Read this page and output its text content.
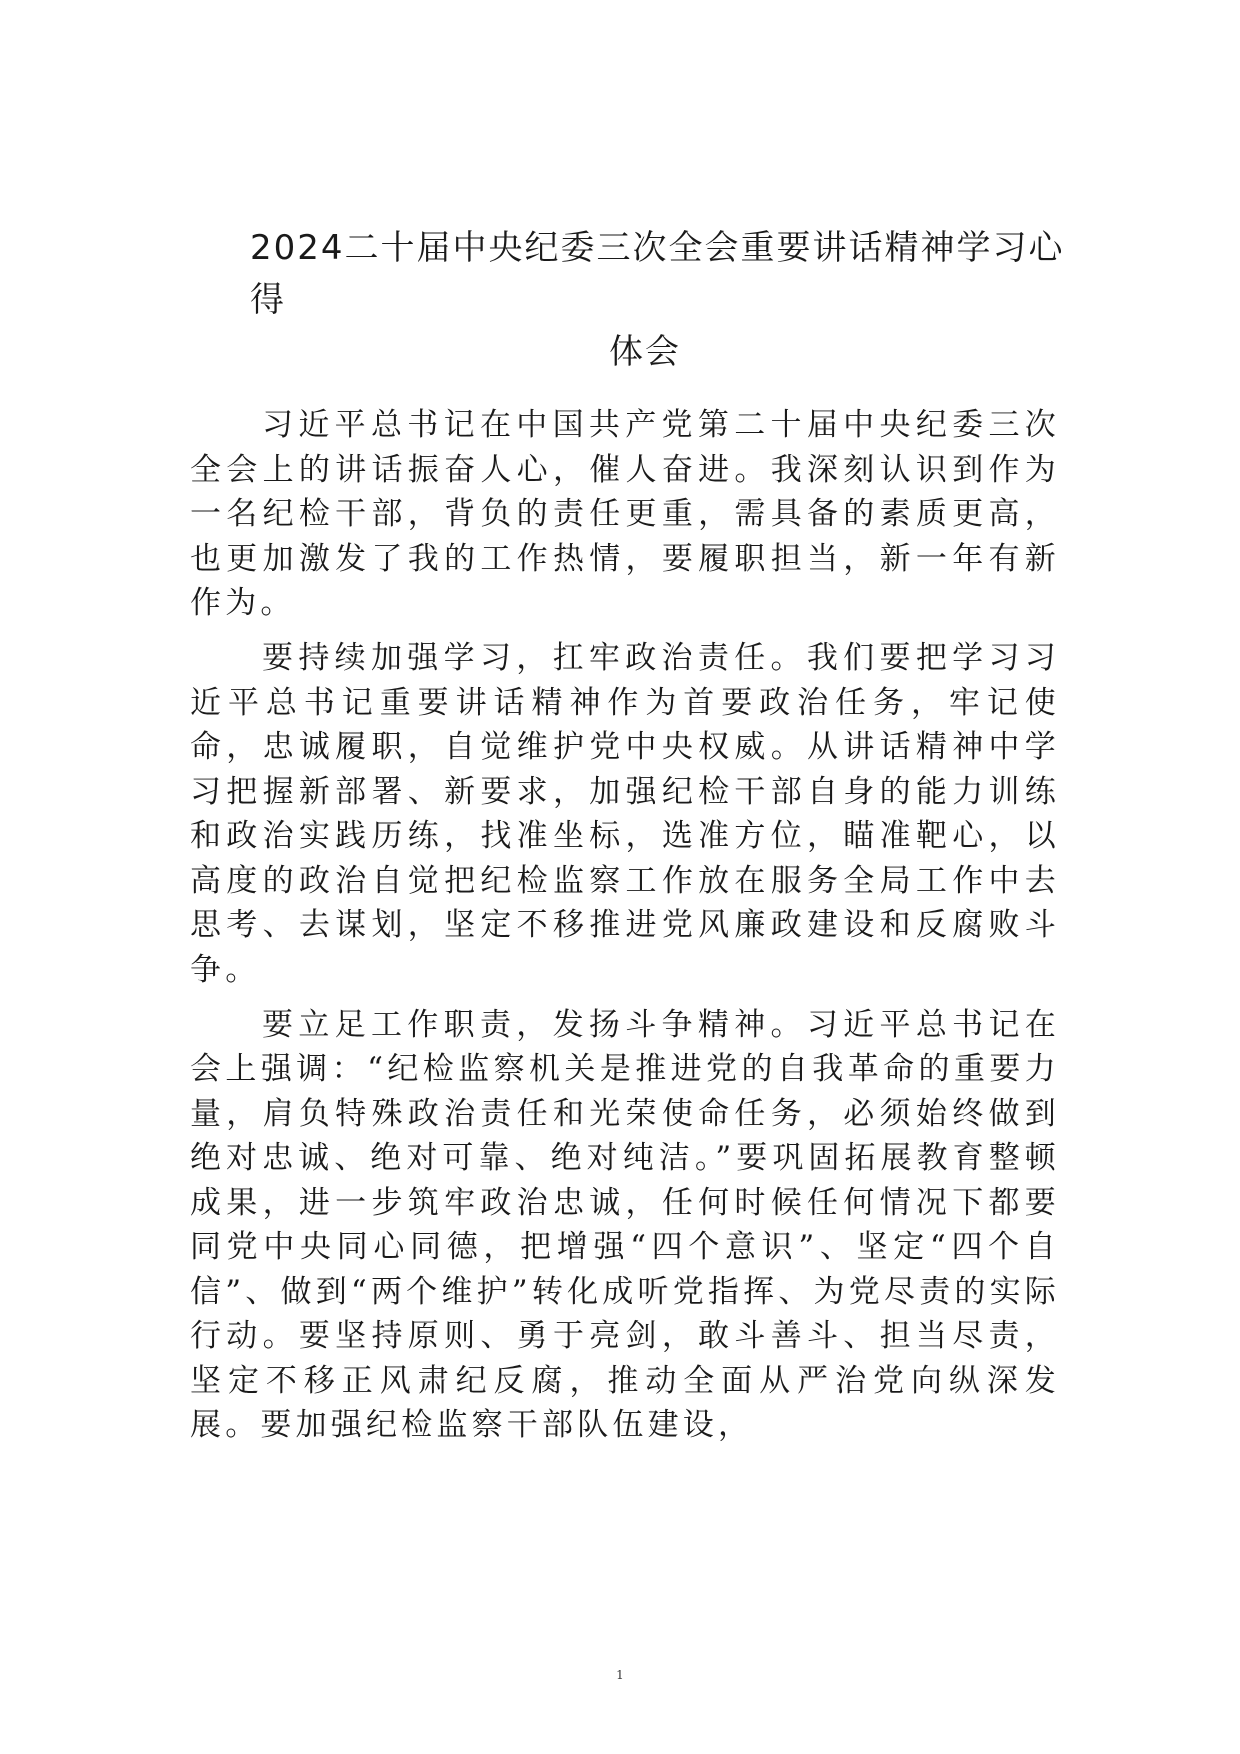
2024二十届中央纪委三次全会重要讲话精神学习心得
体会

习近平总书记在中国共产党第二十届中央纪委三次全会上的讲话振奋人心，催人奋进。我深刻认识到作为一名纪检干部，背负的责任更重，需具备的素质更高，也更加激发了我的工作热情，要履职担当，新一年有新作为。

要持续加强学习，扛牢政治责任。我们要把学习习近平总书记重要讲话精神作为首要政治任务，牢记使命，忠诚履职，自觉维护党中央权威。从讲话精神中学习把握新部署、新要求，加强纪检干部自身的能力训练和政治实践历练，找准坐标，选准方位，瞄准靶心，以高度的政治自觉把纪检监察工作放在服务全局工作中去思考、去谋划，坚定不移推进党风廉政建设和反腐败斗争。

要立足工作职责，发扬斗争精神。习近平总书记在会上强调：“纪检监察机关是推进党的自我革命的重要力量，肩负特殊政治责任和光荣使命任务，必须始终做到绝对忠诚、绝对可靠、绝对纯洁。”要巩固拓展教育整顿成果，进一步筑牢政治忠诚，任何时候任何情况下都要同党中央同心同德，把增强“四个意识”、坚定“四个自信”、做到“两个维护”转化成听党指挥、为党尽责的实际行动。要坚持原则、勇于亮剑，敢斗善斗、担当尽责，坚定不移正风肃纪反腐，推动全面从严治党向纵深发展。要加强纪检监察干部队伍建设，

1
